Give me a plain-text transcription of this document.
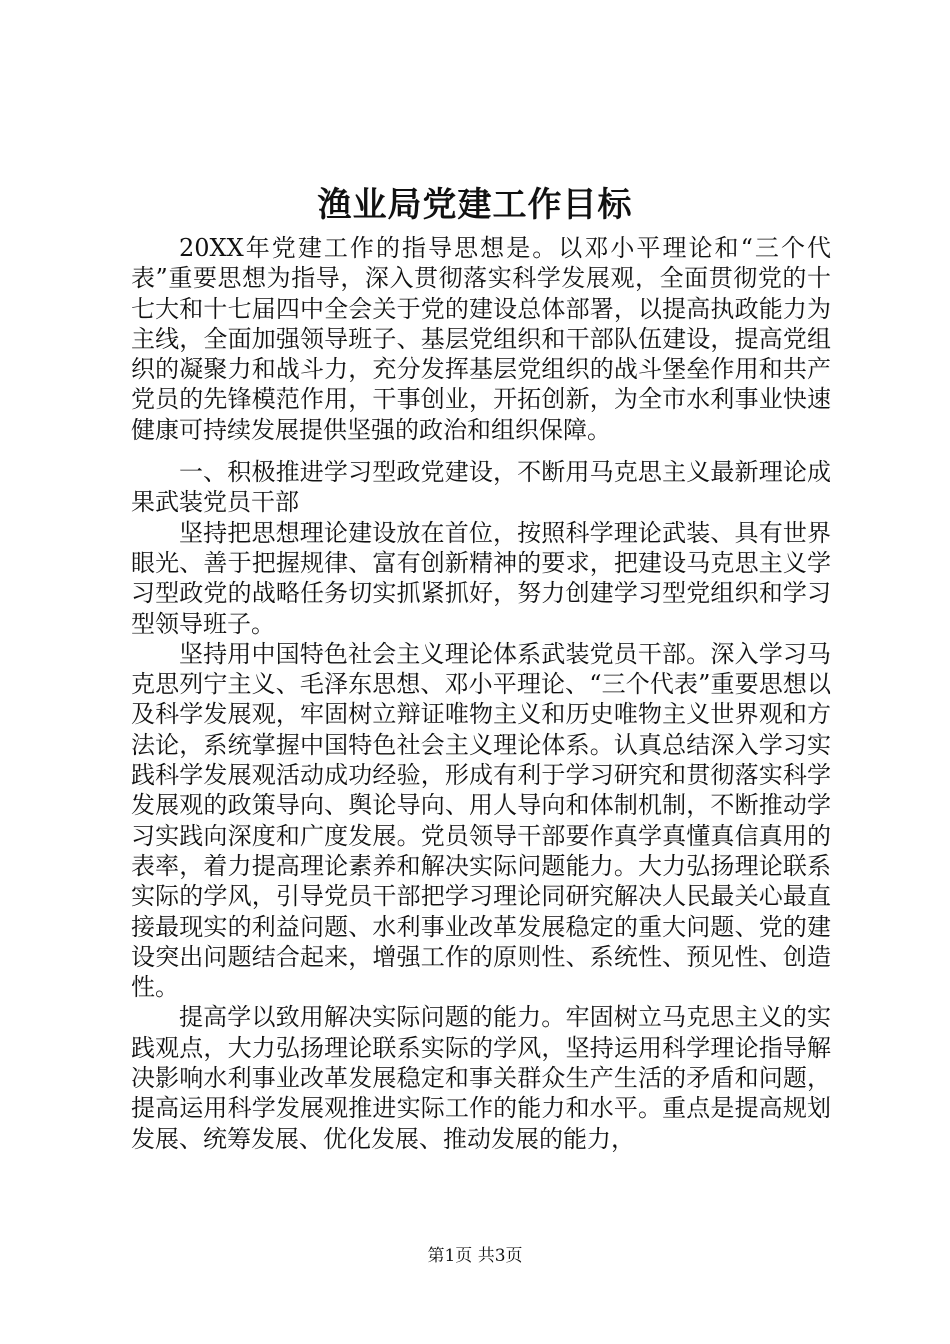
渔业局党建工作目标

20XX年党建工作的指导思想是。以邓小平理论和“三个代表”重要思想为指导，深入贯彻落实科学发展观，全面贯彻党的十七大和十七届四中全会关于党的建设总体部署，以提高执政能力为主线，全面加强领导班子、基层党组织和干部队伍建设，提高党组织的凝聚力和战斗力，充分发挥基层党组织的战斗堡垒作用和共产党员的先锋模范作用，干事创业，开拓创新，为全市水利事业快速健康可持续发展提供坚强的政治和组织保障。

一、积极推进学习型政党建设，不断用马克思主义最新理论成果武装党员干部

坚持把思想理论建设放在首位，按照科学理论武装、具有世界眼光、善于把握规律、富有创新精神的要求，把建设马克思主义学习型政党的战略任务切实抓紧抓好，努力创建学习型党组织和学习型领导班子。

坚持用中国特色社会主义理论体系武装党员干部。深入学习马克思列宁主义、毛泽东思想、邓小平理论、“三个代表”重要思想以及科学发展观，牢固树立辩证唯物主义和历史唯物主义世界观和方法论，系统掌握中国特色社会主义理论体系。认真总结深入学习实践科学发展观活动成功经验，形成有利于学习研究和贯彻落实科学发展观的政策导向、舆论导向、用人导向和体制机制，不断推动学习实践向深度和广度发展。党员领导干部要作真学真懂真信真用的表率，着力提高理论素养和解决实际问题能力。大力弘扬理论联系实际的学风，引导党员干部把学习理论同研究解决人民最关心最直接最现实的利益问题、水利事业改革发展稳定的重大问题、党的建设突出问题结合起来，增强工作的原则性、系统性、预见性、创造性。

提高学以致用解决实际问题的能力。牢固树立马克思主义的实践观点，大力弘扬理论联系实际的学风，坚持运用科学理论指导解决影响水利事业改革发展稳定和事关群众生产生活的矛盾和问题，提高运用科学发展观推进实际工作的能力和水平。重点是提高规划发展、统筹发展、优化发展、推动发展的能力，

第1页 共3页
